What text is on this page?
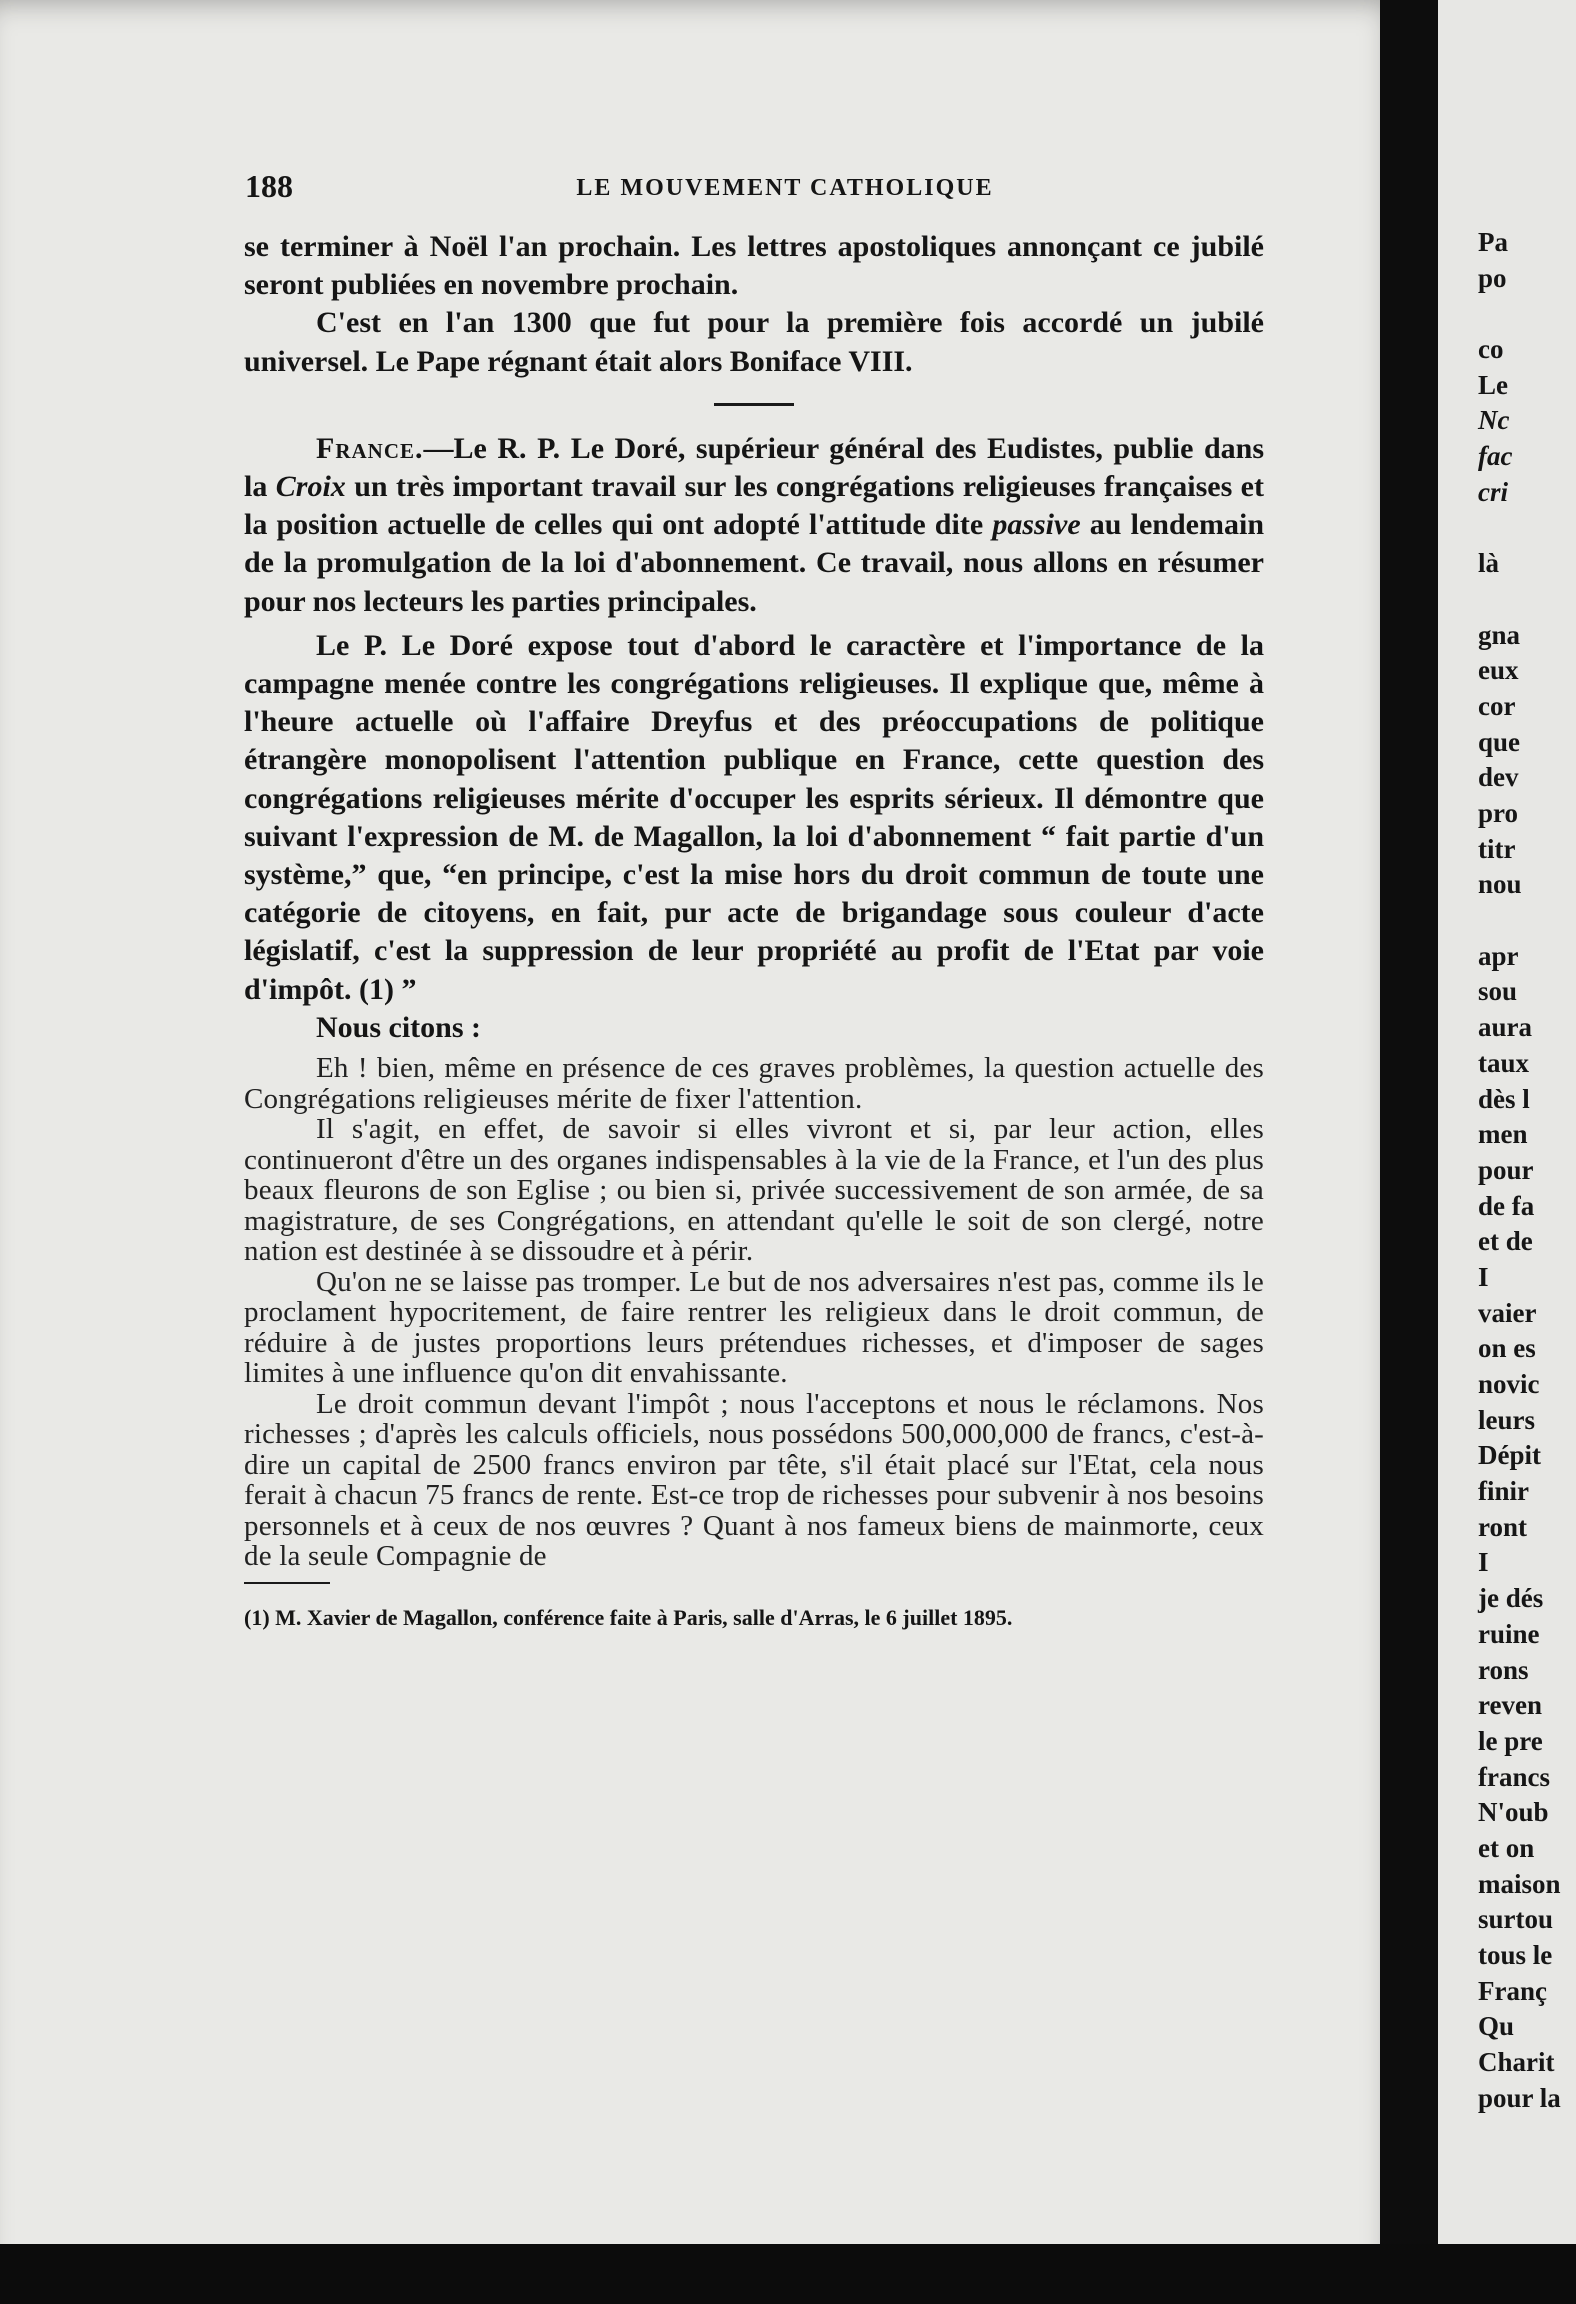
Pa
po

co
Le
Nc
fac
cri

là

gna
eux
cor
que
dev
pro
titr
nou

apr
sou
aura
taux
dès l
men
pour
de fa
et de
I
vaier
on es
novic
leurs
Dépit
finir
ront
I
je dés
ruine
rons
reven
le pre
francs
N'oub
et on
maison
surtou
tous le
Franç
Qu
Charit
pour la
188	LE MOUVEMENT CATHOLIQUE

se terminer à Noël l'an prochain. Les lettres apostoliques annonçant ce jubilé seront publiées en novembre prochain.

C'est en l'an 1300 que fut pour la première fois accordé un jubilé universel. Le Pape régnant était alors Boniface VIII.

France.—Le R. P. Le Doré, supérieur général des Eudistes, publie dans la Croix un très important travail sur les congrégations religieuses françaises et la position actuelle de celles qui ont adopté l'attitude dite passive au lendemain de la promulgation de la loi d'abonnement. Ce travail, nous allons en résumer pour nos lecteurs les parties principales.

Le P. Le Doré expose tout d'abord le caractère et l'importance de la campagne menée contre les congrégations religieuses. Il explique que, même à l'heure actuelle où l'affaire Dreyfus et des préoccupations de politique étrangère monopolisent l'attention publique en France, cette question des congrégations religieuses mérite d'occuper les esprits sérieux. Il démontre que suivant l'expression de M. de Magallon, la loi d'abonnement “ fait partie d'un système,” que, “en principe, c'est la mise hors du droit commun de toute une catégorie de citoyens, en fait, pur acte de brigandage sous couleur d'acte législatif, c'est la suppression de leur propriété au profit de l'Etat par voie d'impôt. (1) ”

Nous citons :

Eh ! bien, même en présence de ces graves problèmes, la question actuelle des Congrégations religieuses mérite de fixer l'attention.

Il s'agit, en effet, de savoir si elles vivront et si, par leur action, elles continueront d'être un des organes indispensables à la vie de la France, et l'un des plus beaux fleurons de son Eglise ; ou bien si, privée successivement de son armée, de sa magistrature, de ses Congrégations, en attendant qu'elle le soit de son clergé, notre nation est destinée à se dissoudre et à périr.

Qu'on ne se laisse pas tromper. Le but de nos adversaires n'est pas, comme ils le proclament hypocritement, de faire rentrer les religieux dans le droit commun, de réduire à de justes proportions leurs prétendues richesses, et d'imposer de sages limites à une influence qu'on dit envahissante.

Le droit commun devant l'impôt ; nous l'acceptons et nous le réclamons. Nos richesses ; d'après les calculs officiels, nous possédons 500,000,000 de francs, c'est-à-dire un capital de 2500 francs environ par tête, s'il était placé sur l'Etat, cela nous ferait à chacun 75 francs de rente. Est-ce trop de richesses pour subvenir à nos besoins personnels et à ceux de nos œuvres ? Quant à nos fameux biens de mainmorte, ceux de la seule Compagnie de

(1) M. Xavier de Magallon, conférence faite à Paris, salle d'Arras, le 6 juillet 1895.
